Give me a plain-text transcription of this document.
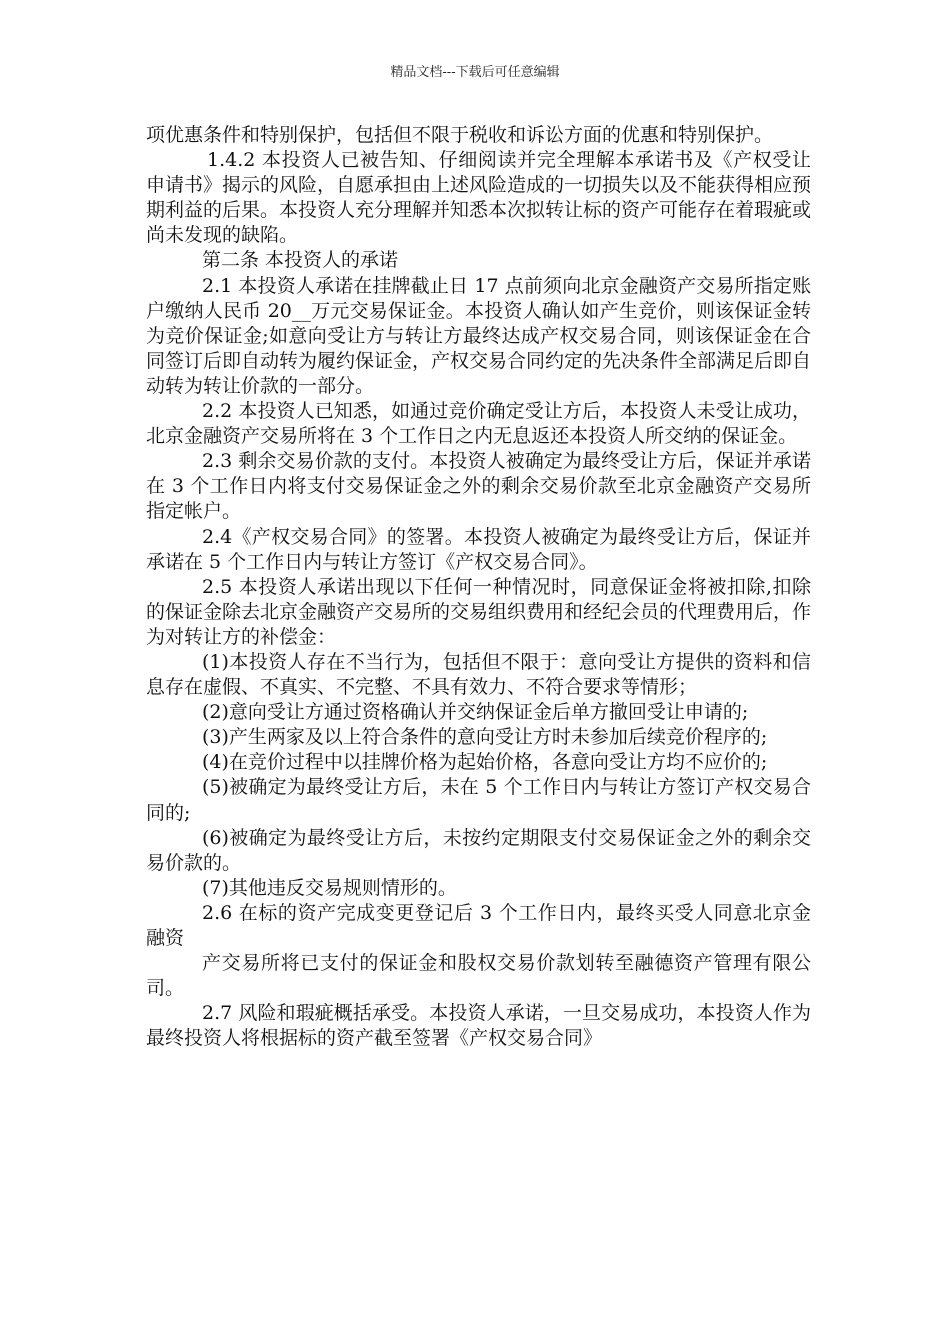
精品文档---下载后可任意编辑

项优惠条件和特别保护，包括但不限于税收和诉讼方面的优惠和特别保护。

1.4.2 本投资人已被告知、仔细阅读并完全理解本承诺书及《产权受让申请书》揭示的风险，自愿承担由上述风险造成的一切损失以及不能获得相应预期利益的后果。本投资人充分理解并知悉本次拟转让标的资产可能存在着瑕疵或尚未发现的缺陷。

第二条 本投资人的承诺

2.1 本投资人承诺在挂牌截止日 17 点前须向北京金融资产交易所指定账户缴纳人民币 20__万元交易保证金。本投资人确认如产生竞价，则该保证金转为竞价保证金;如意向受让方与转让方最终达成产权交易合同，则该保证金在合同签订后即自动转为履约保证金，产权交易合同约定的先决条件全部满足后即自动转为转让价款的一部分。

2.2 本投资人已知悉，如通过竞价确定受让方后，本投资人未受让成功，北京金融资产交易所将在 3 个工作日之内无息返还本投资人所交纳的保证金。

2.3 剩余交易价款的支付。本投资人被确定为最终受让方后，保证并承诺在 3 个工作日内将支付交易保证金之外的剩余交易价款至北京金融资产交易所指定帐户。

2.4《产权交易合同》的签署。本投资人被确定为最终受让方后，保证并承诺在 5 个工作日内与转让方签订《产权交易合同》。

2.5 本投资人承诺出现以下任何一种情况时，同意保证金将被扣除,扣除的保证金除去北京金融资产交易所的交易组织费用和经纪会员的代理费用后，作为对转让方的补偿金：

(1)本投资人存在不当行为，包括但不限于：意向受让方提供的资料和信息存在虚假、不真实、不完整、不具有效力、不符合要求等情形；

(2)意向受让方通过资格确认并交纳保证金后单方撤回受让申请的;

(3)产生两家及以上符合条件的意向受让方时未参加后续竞价程序的;

(4)在竞价过程中以挂牌价格为起始价格，各意向受让方均不应价的;

(5)被确定为最终受让方后，未在 5 个工作日内与转让方签订产权交易合同的;

(6)被确定为最终受让方后，未按约定期限支付交易保证金之外的剩余交易价款的。

(7)其他违反交易规则情形的。

2.6 在标的资产完成变更登记后 3 个工作日内，最终买受人同意北京金融资

产交易所将已支付的保证金和股权交易价款划转至融德资产管理有限公司。

2.7 风险和瑕疵概括承受。本投资人承诺，一旦交易成功，本投资人作为最终投资人将根据标的资产截至签署《产权交易合同》
